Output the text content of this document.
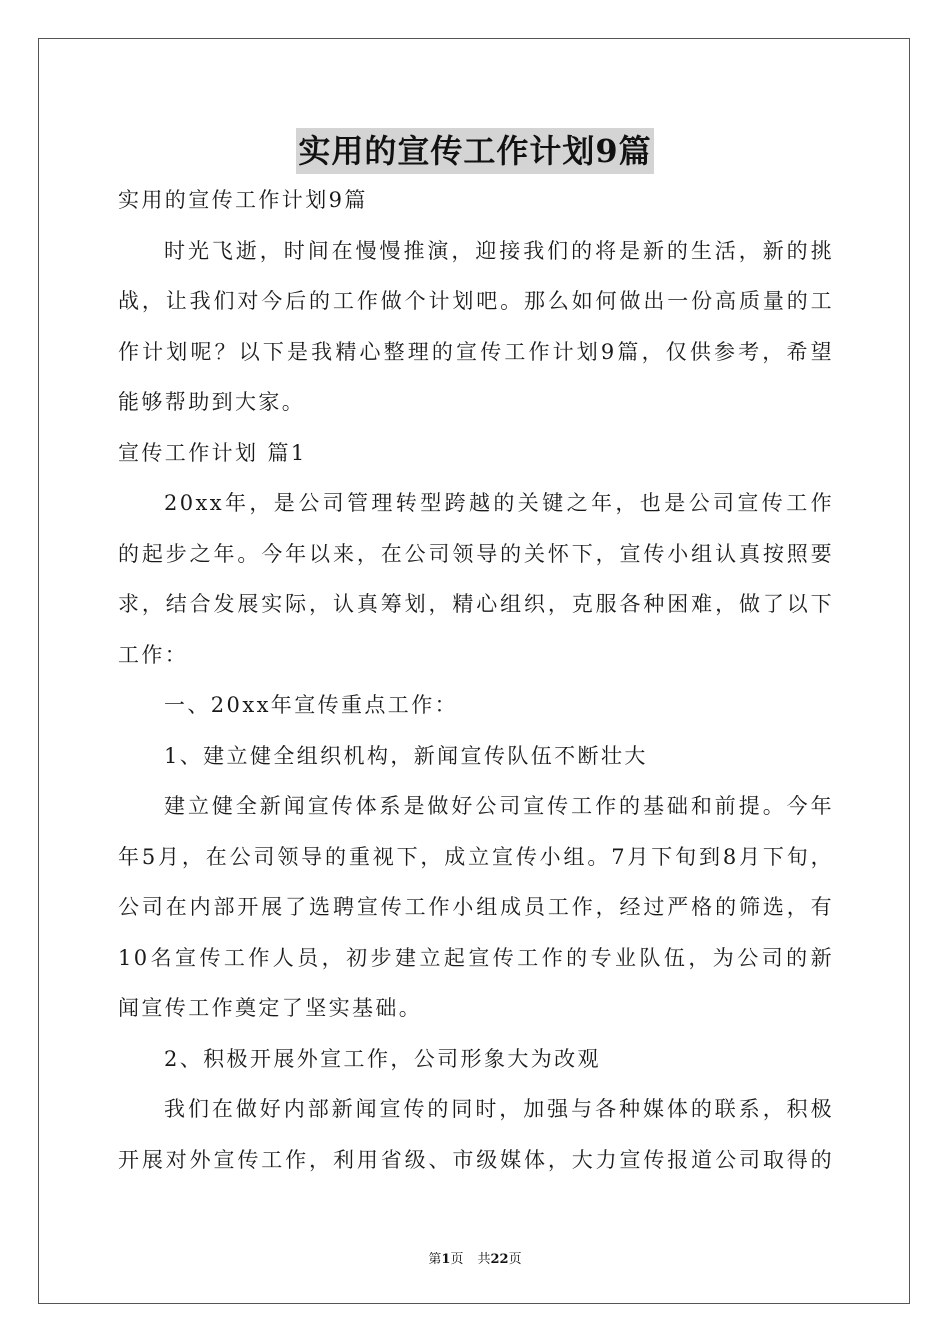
实用的宣传工作计划9篇
实用的宣传工作计划9篇
时光飞逝，时间在慢慢推演，迎接我们的将是新的生活，新的挑
战，让我们对今后的工作做个计划吧。那么如何做出一份高质量的工
作计划呢？以下是我精心整理的宣传工作计划9篇，仅供参考，希望
能够帮助到大家。
宣传工作计划 篇1
20xx年，是公司管理转型跨越的关键之年，也是公司宣传工作
的起步之年。今年以来，在公司领导的关怀下，宣传小组认真按照要
求，结合发展实际，认真筹划，精心组织，克服各种困难，做了以下
工作：
一、20xx年宣传重点工作：
1、建立健全组织机构，新闻宣传队伍不断壮大
建立健全新闻宣传体系是做好公司宣传工作的基础和前提。今年
年5月，在公司领导的重视下，成立宣传小组。7月下旬到8月下旬，
公司在内部开展了选聘宣传工作小组成员工作，经过严格的筛选，有
10名宣传工作人员，初步建立起宣传工作的专业队伍，为公司的新
闻宣传工作奠定了坚实基础。
2、积极开展外宣工作，公司形象大为改观
我们在做好内部新闻宣传的同时，加强与各种媒体的联系，积极
开展对外宣传工作，利用省级、市级媒体，大力宣传报道公司取得的
第1页 共22页
